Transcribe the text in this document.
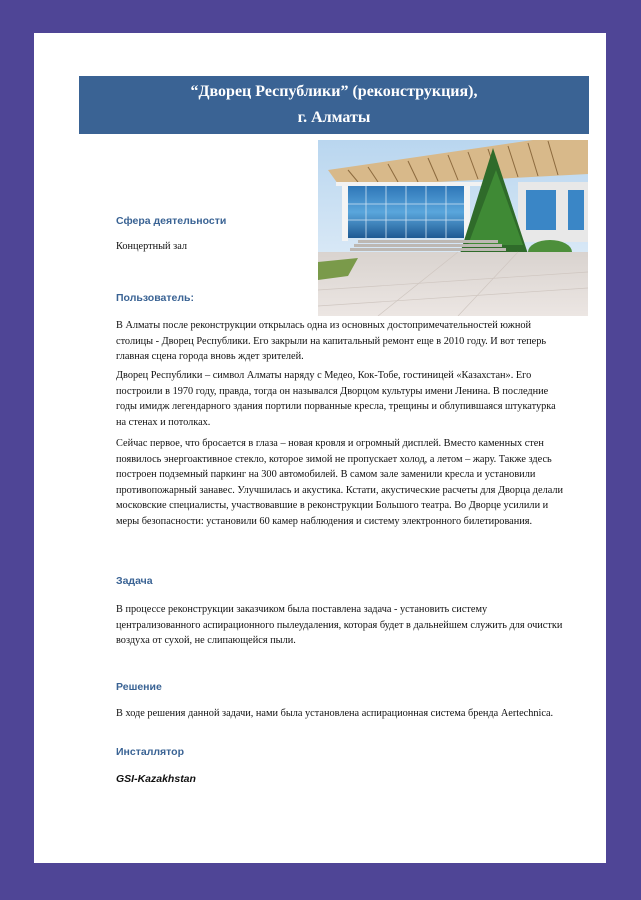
“Дворец Республики” (реконструкция),
г. Алматы
Сфера деятельности
Концертный зал
Пользователь:

В Алматы после реконструкции открылась одна из основных достопримечательностей южной столицы - Дворец Республики. Его закрыли на капитальный ремонт еще в 2010 году. И вот теперь главная сцена города вновь ждет зрителей.

Дворец Республики – символ Алматы наряду с Медео, Кок-Тобе, гостиницей «Казахстан». Его построили в 1970 году, правда, тогда он назывался Дворцом культуры имени Ленина. В последние годы имидж легендарного здания портили порванные кресла, трещины и облупившаяся штукатурка на стенах и потолках.

Сейчас первое, что бросается в глаза – новая кровля и огромный дисплей. Вместо каменных стен появилось энергоактивное стекло, которое зимой не пропускает холод, а летом – жару. Также здесь построен подземный паркинг на 300 автомобилей. В самом зале заменили кресла и установили противопожарный занавес. Улучшилась и акустика. Кстати, акустические расчеты для Дворца делали московские специалисты, участвовавшие в реконструкции Большого театра. Во Дворце усилили и меры безопасности: установили 60 камер наблюдения и систему электронного билетирования.

Задача

В процессе реконструкции заказчиком была поставлена задача - установить систему централизованного аспирационного пылеудаления, которая будет в дальнейшем служить для очистки воздуха от сухой, не слипающейся пыли.

Решение

В ходе решения данной задачи, нами была установлена аспирационная система бренда Aertechnica.

Инсталлятор
GSI-Kazakhstan
